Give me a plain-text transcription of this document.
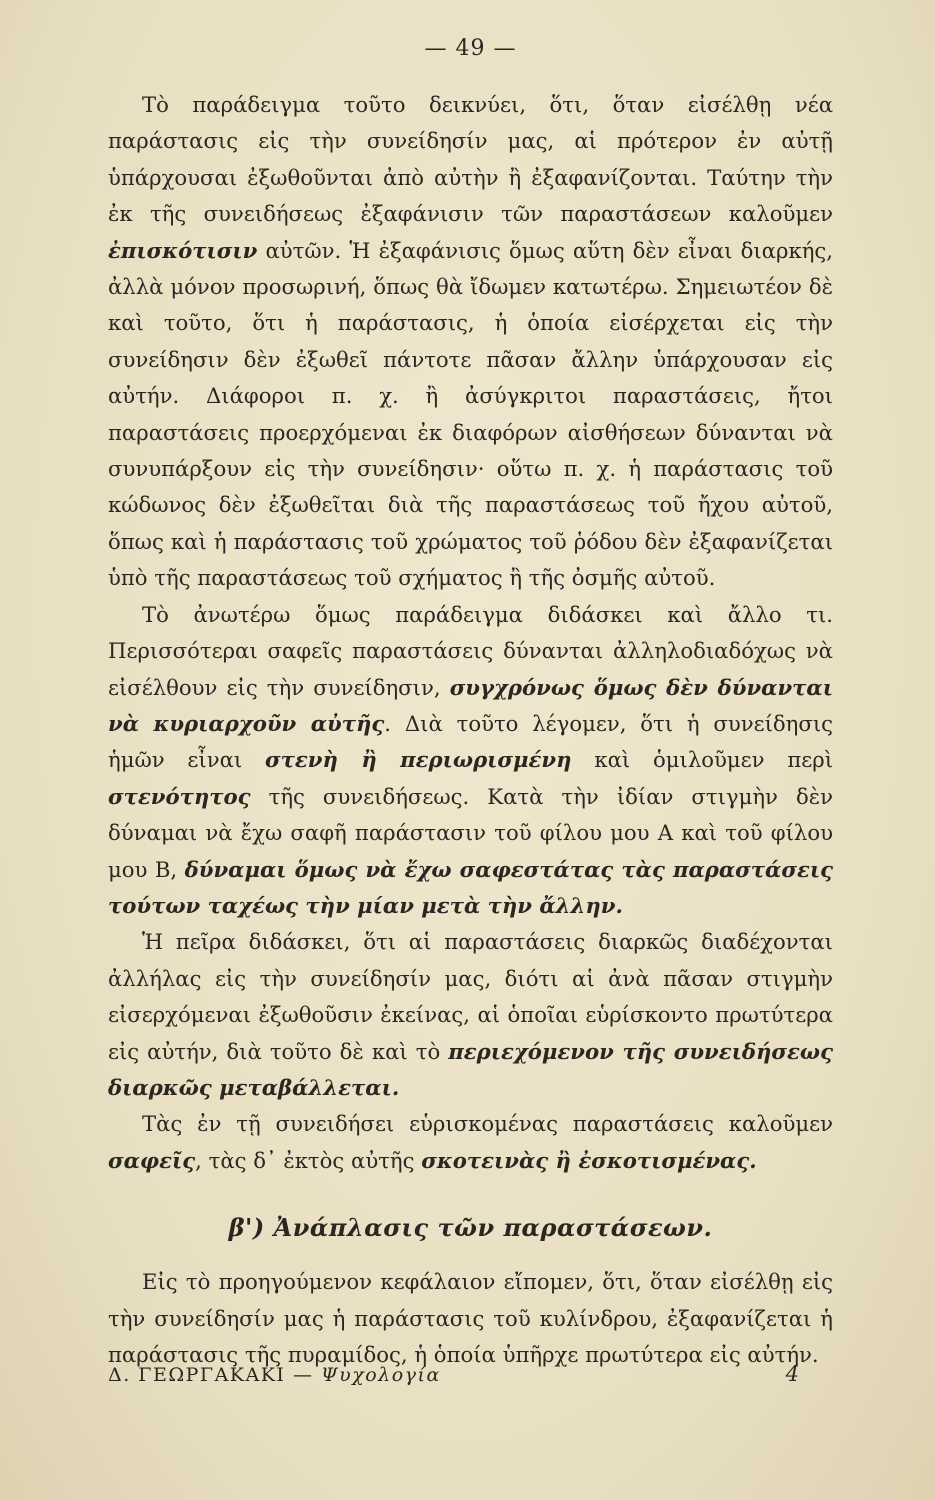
— 49 —

Τὸ παράδειγμα τοῦτο δεικνύει, ὅτι, ὅταν εἰσέλθῃ νέα παράστασις εἰς τὴν συνείδησίν μας, αἱ πρότερον ἐν αὐτῇ ὑπάρχουσαι ἐξωθοῦνται ἀπὸ αὐτὴν ἢ ἐξαφανίζονται. Ταύτην τὴν ἐκ τῆς συνειδήσεως ἐξαφάνισιν τῶν παραστάσεων καλοῦμεν ἐπισκότισιν αὐτῶν. Ἡ ἐξαφάνισις ὅμως αὕτη δὲν εἶναι διαρκής, ἀλλὰ μόνον προσωρινή, ὅπως θὰ ἴδωμεν κατωτέρω. Σημειωτέον δὲ καὶ τοῦτο, ὅτι ἡ παράστασις, ἡ ὁποία εἰσέρχεται εἰς τὴν συνείδησιν δὲν ἐξωθεῖ πάντοτε πᾶσαν ἄλλην ὑπάρχουσαν εἰς αὐτήν. Διάφοροι π. χ. ἢ ἀσύγκριτοι παραστάσεις, ἤτοι παραστάσεις προερχόμεναι ἐκ διαφόρων αἰσθήσεων δύνανται νὰ συνυπάρξουν εἰς τὴν συνείδησιν· οὕτω π. χ. ἡ παράστασις τοῦ κώδωνος δὲν ἐξωθεῖται διὰ τῆς παραστάσεως τοῦ ἤχου αὐτοῦ, ὅπως καὶ ἡ παράστασις τοῦ χρώματος τοῦ ῥόδου δὲν ἐξαφανίζεται ὑπὸ τῆς παραστάσεως τοῦ σχήματος ἢ τῆς ὀσμῆς αὐτοῦ.

Τὸ ἀνωτέρω ὅμως παράδειγμα διδάσκει καὶ ἄλλο τι. Περισσότεραι σαφεῖς παραστάσεις δύνανται ἀλληλοδιαδόχως νὰ εἰσέλθουν εἰς τὴν συνείδησιν, συγχρόνως ὅμως δὲν δύνανται νὰ κυριαρχοῦν αὐτῆς. Διὰ τοῦτο λέγομεν, ὅτι ἡ συνείδησις ἡμῶν εἶναι στενὴ ἢ περιωρισμένη καὶ ὁμιλοῦμεν περὶ στενότητος τῆς συνειδήσεως. Κατὰ τὴν ἰδίαν στιγμὴν δὲν δύναμαι νὰ ἔχω σαφῆ παράστασιν τοῦ φίλου μου Α καὶ τοῦ φίλου μου Β, δύναμαι ὅμως νὰ ἔχω σαφεστάτας τὰς παραστάσεις τούτων ταχέως τὴν μίαν μετὰ τὴν ἄλλην.

Ἡ πεῖρα διδάσκει, ὅτι αἱ παραστάσεις διαρκῶς διαδέχονται ἀλλήλας εἰς τὴν συνείδησίν μας, διότι αἱ ἀνὰ πᾶσαν στιγμὴν εἰσερχόμεναι ἐξωθοῦσιν ἐκείνας, αἱ ὁποῖαι εὑρίσκοντο πρωτύτερα εἰς αὐτήν, διὰ τοῦτο δὲ καὶ τὸ περιεχόμενον τῆς συνειδήσεως διαρκῶς μεταβάλλεται.

Τὰς ἐν τῇ συνειδήσει εὑρισκομένας παραστάσεις καλοῦμεν σαφεῖς, τὰς δ᾽ ἐκτὸς αὐτῆς σκοτεινὰς ἢ ἐσκοτισμένας.

β') Ἀνάπλασις τῶν παραστάσεων.

Εἰς τὸ προηγούμενον κεφάλαιον εἴπομεν, ὅτι, ὅταν εἰσέλθῃ εἰς τὴν συνείδησίν μας ἡ παράστασις τοῦ κυλίνδρου, ἐξαφανίζεται ἡ παράστασις τῆς πυραμίδος, ἡ ὁποία ὑπῆρχε πρωτύτερα εἰς αὐτήν.

Δ. ΓΕΩΡΓΑΚΑΚΙ — Ψυχολογία	4
